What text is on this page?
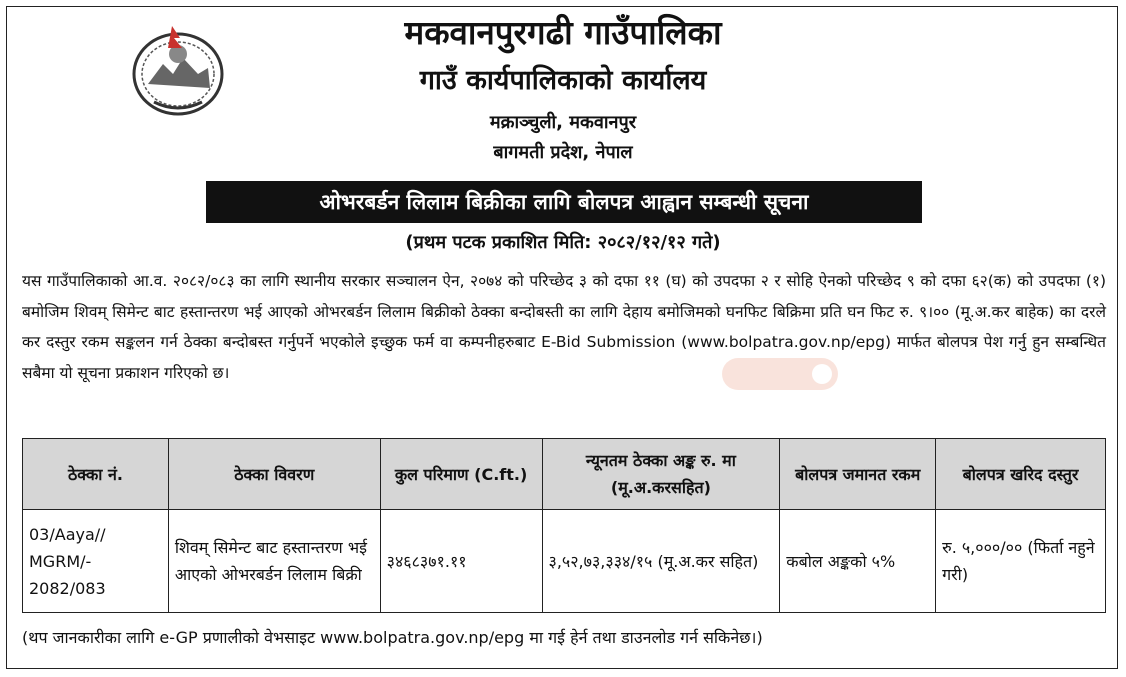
मकवानपुरगढी गाउँपालिका
गाउँ कार्यपालिकाको कार्यालय
मक्राञ्चुली, मकवानपुर
बागमती प्रदेश, नेपाल
ओभरबर्डन लिलाम बिक्रीका लागि बोलपत्र आह्वान सम्बन्धी सूचना
(प्रथम पटक प्रकाशित मिति: २०८२/१२/१२ गते)
यस गाउँपालिकाको आ.व. २०८२/०८३ का लागि स्थानीय सरकार सञ्चालन ऐन, २०७४ को परिच्छेद ३ को दफा ११ (घ) को उपदफा २ र सोहि ऐनको परिच्छेद ९ को दफा ६२(क) को उपदफा (१) बमोजिम शिवम् सिमेन्ट बाट हस्तान्तरण भई आएको ओभरबर्डन लिलाम बिक्रीको ठेक्का बन्दोबस्ती का लागि देहाय बमोजिमको घनफिट बिक्रिमा प्रति घन फिट रु. ९।०० (मू.अ.कर बाहेक) का दरले कर दस्तुर रकम सङ्कलन गर्न ठेक्का बन्दोबस्त गर्नुपर्ने भएकोले इच्छुक फर्म वा कम्पनीहरुबाट E-Bid Submission (www.bolpatra.gov.np/epg) मार्फत बोलपत्र पेश गर्नु हुन सम्बन्धित सबैमा यो सूचना प्रकाशन गरिएको छ।
ठेक्का नं.	ठेक्का विवरण	कुल परिमाण (C.ft.)	न्यूनतम ठेक्का अङ्क रु. मा (मू.अ.करसहित)	बोलपत्र जमानत रकम	बोलपत्र खरिद दस्तुर
03/Aaya// MGRM/- 2082/083	शिवम् सिमेन्ट बाट हस्तान्तरण भई आएको ओभरबर्डन लिलाम बिक्री	३४६८३७१.११	३,५२,७३,३३४/१५ (मू.अ.कर सहित)	कबोल अङ्कको ५%	रु. ५,०००/०० (फिर्ता नहुने गरी)
(थप जानकारीका लागि e-GP प्रणालीको वेभसाइट www.bolpatra.gov.np/epg मा गई हेर्न तथा डाउनलोड गर्न सकिनेछ।)
